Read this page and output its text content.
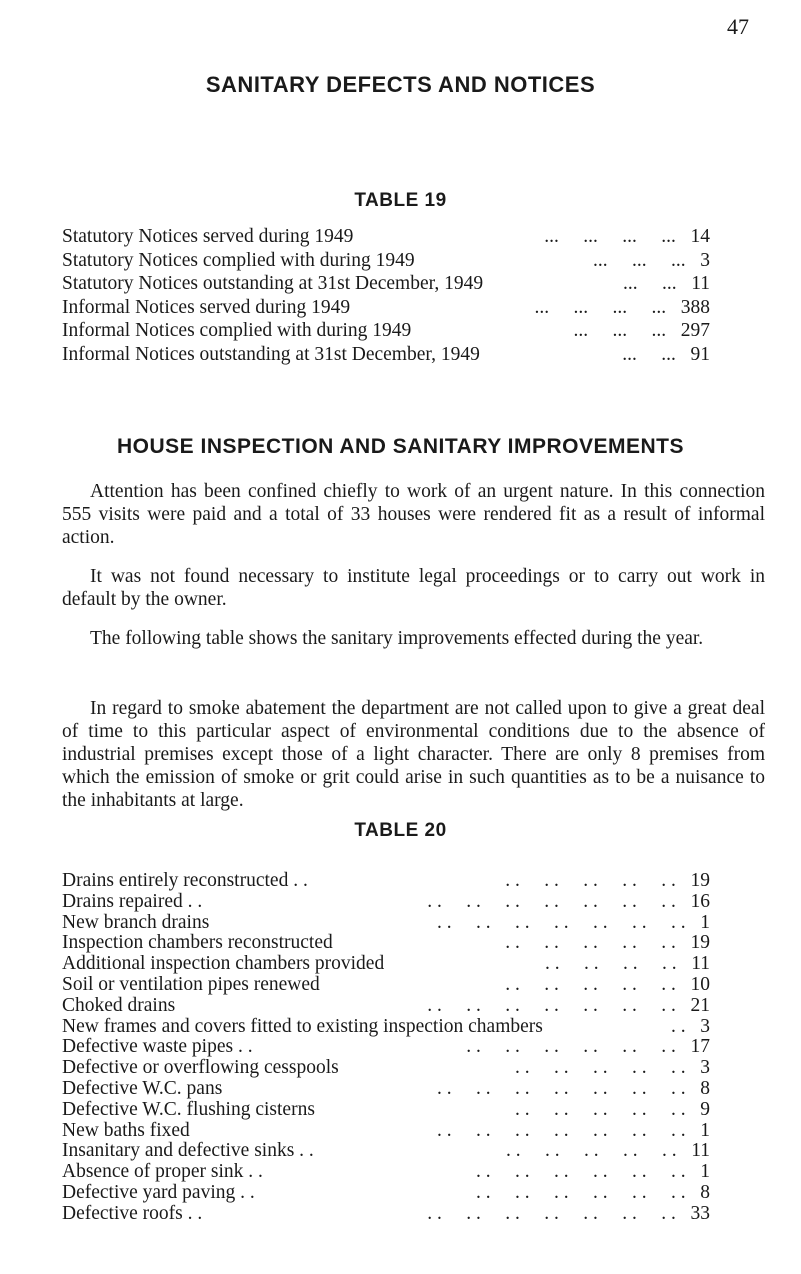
47
SANITARY DEFECTS AND NOTICES
TABLE 19
Statutory Notices served during 1949	...     ...     ...     ... 14
Statutory Notices complied with during 1949	...     ...     ... 3
Statutory Notices outstanding at 31st December, 1949	...     ... 11
Informal Notices served during 1949	...     ...     ...     ... 388
Informal Notices complied with during 1949	...     ...     ... 297
Informal Notices outstanding at 31st December, 1949	...     ... 91
HOUSE INSPECTION AND SANITARY IMPROVEMENTS

Attention has been confined chiefly to work of an urgent nature. In this connection 555 visits were paid and a total of 33 houses were rendered fit as a result of informal action.

It was not found necessary to institute legal proceedings or to carry out work in default by the owner.

The following table shows the sanitary improvements effected during the year.

In regard to smoke abatement the department are not called upon to give a great deal of time to this particular aspect of environmental conditions due to the absence of industrial premises except those of a light character. There are only 8 premises from which the emission of smoke or grit could arise in such quantities as to be a nuisance to the inhabitants at large.

TABLE 20
Drains entirely reconstructed . .	. .     . .     . .     . .     . . 19
Drains repaired . .	. .     . .     . .     . .     . .     . .     . . 16
New branch drains	. .     . .     . .     . .     . .     . .     . . 1
Inspection chambers reconstructed	. .     . .     . .     . .     . . 19
Additional inspection chambers provided	. .     . .     . .     . . 11
Soil or ventilation pipes renewed	. .     . .     . .     . .     . . 10
Choked drains	. .     . .     . .     . .     . .     . .     . . 21
New frames and covers fitted to existing inspection chambers	. . 3
Defective waste pipes . .	. .     . .     . .     . .     . .     . . 17
Defective or overflowing cesspools	. .     . .     . .     . .     . . 3
Defective W.C. pans	. .     . .     . .     . .     . .     . .     . . 8
Defective W.C. flushing cisterns	. .     . .     . .     . .     . . 9
New baths fixed	. .     . .     . .     . .     . .     . .     . . 1
Insanitary and defective sinks . .	. .     . .     . .     . .     . . 11
Absence of proper sink . .	. .     . .     . .     . .     . .     . . 1
Defective yard paving . .	. .     . .     . .     . .     . .     . . 8
Defective roofs . .	. .     . .     . .     . .     . .     . .     . . 33
